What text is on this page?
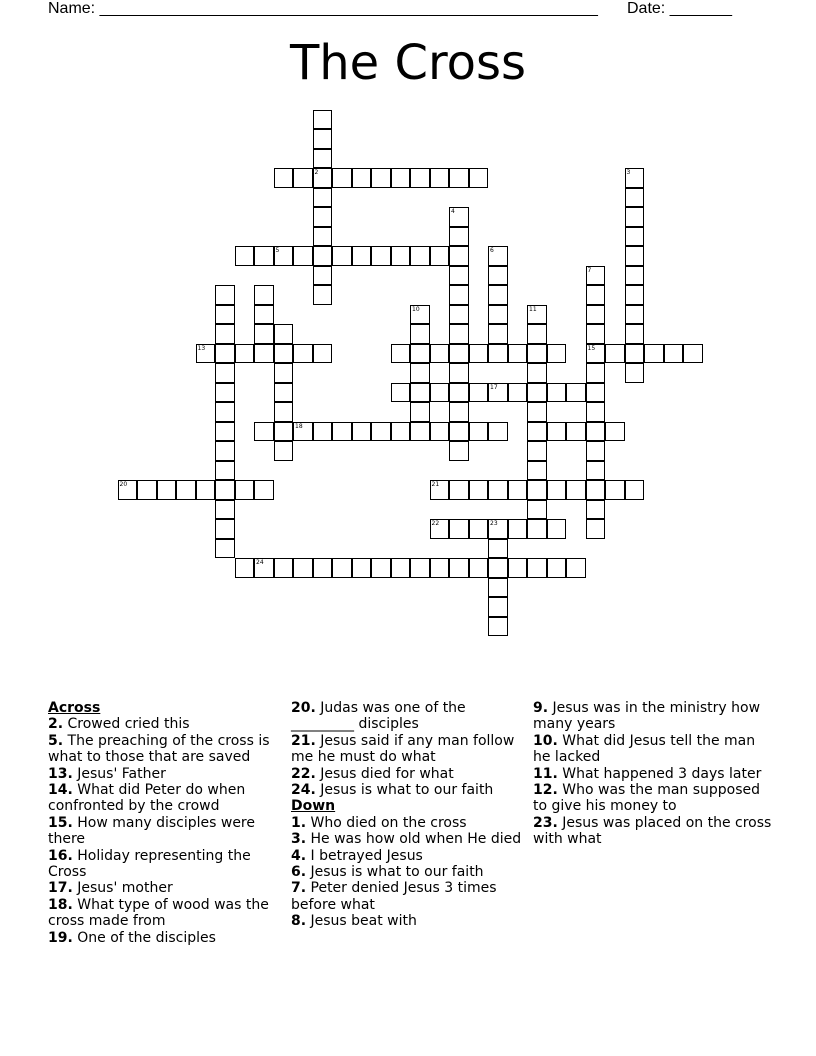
Name: ________________________________________________________ Date: _______
The Cross
2	3
4
5	6
7
15
10	11
13
17
18
20	21
22	23
24
Across
2. Crowed cried this
5. The preaching of the cross is what to those that are saved
13. Jesus' Father
14. What did Peter do when confronted by the crowd
15. How many disciples were there
16. Holiday representing the Cross
17. Jesus' mother
18. What type of wood was the cross made from
19. One of the disciples
20. Judas was one of the _________ disciples
21. Jesus said if any man follow me he must do what
22. Jesus died for what
24. Jesus is what to our faith
Down
1. Who died on the cross
3. He was how old when He died
4. I betrayed Jesus
6. Jesus is what to our faith
7. Peter denied Jesus 3 times before what
8. Jesus beat with
9. Jesus was in the ministry how many years
10. What did Jesus tell the man he lacked
11. What happened 3 days later
12. Who was the man supposed to give his money to
23. Jesus was placed on the cross with what
